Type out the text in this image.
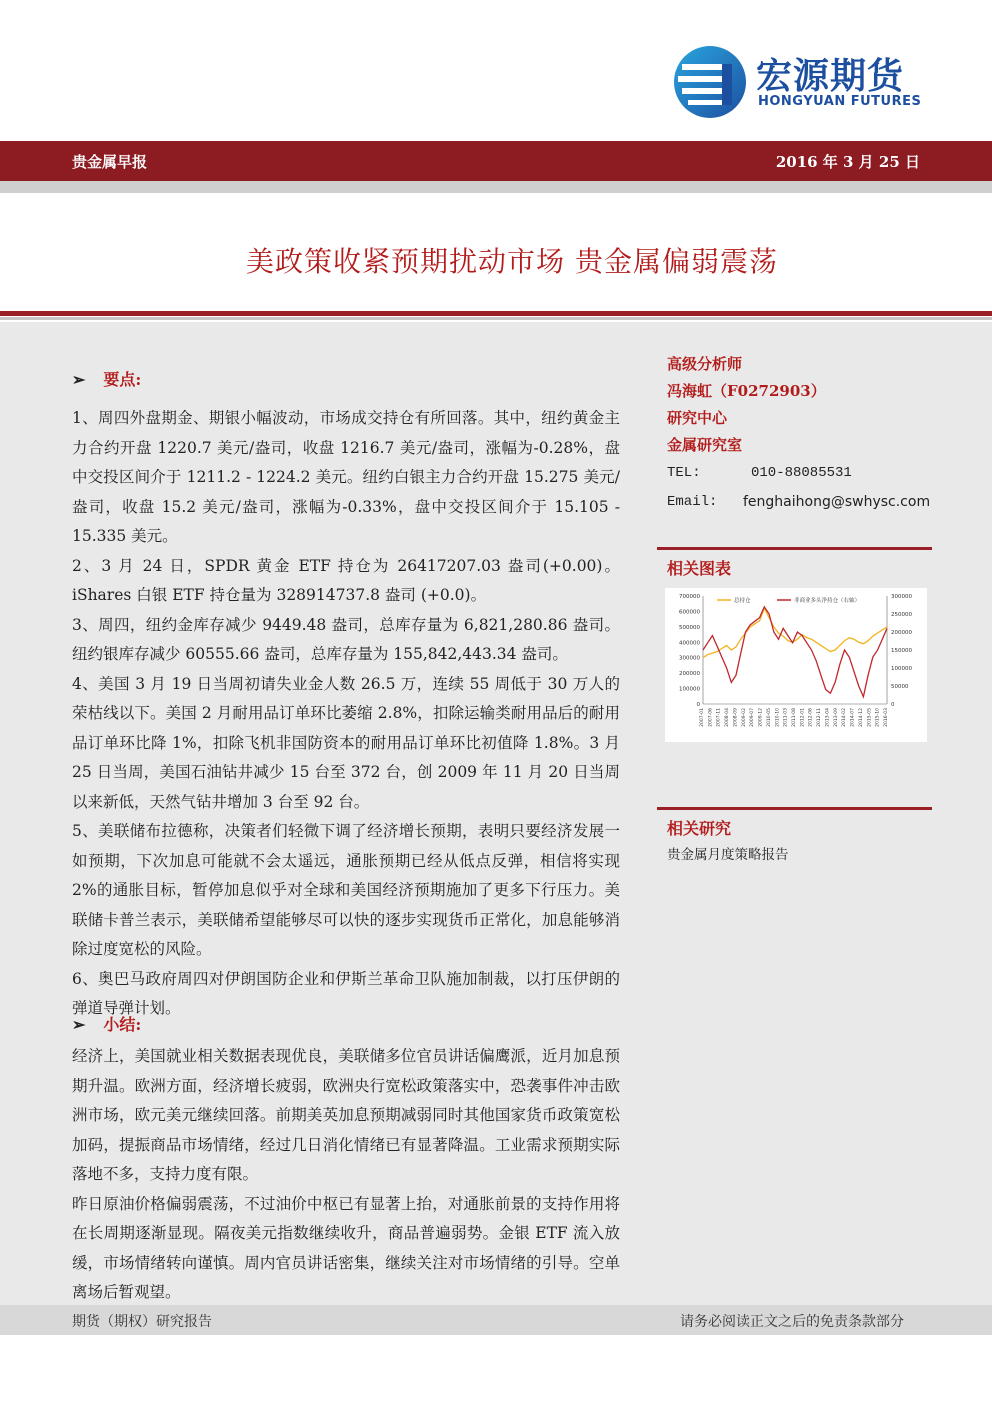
宏源期货
HONGYUAN FUTURES
贵金属早报	2016 年 3 月 25 日
美政策收紧预期扰动市场 贵金属偏弱震荡
➢ 要点:

1、周四外盘期金、期银小幅波动，市场成交持仓有所回落。其中，纽约黄金主力合约开盘 1220.7 美元/盎司，收盘 1216.7 美元/盎司，涨幅为-0.28%，盘中交投区间介于 1211.2 - 1224.2 美元。纽约白银主力合约开盘 15.275 美元/盎司，收盘 15.2 美元/盎司，涨幅为-0.33%，盘中交投区间介于 15.105 - 15.335 美元。

2、3 月 24 日，SPDR 黄金 ETF 持仓为 26417207.03 盎司(+0.00)。iShares 白银 ETF 持仓量为 328914737.8 盎司 (+0.0)。

3、周四，纽约金库存减少 9449.48 盎司，总库存量为 6,821,280.86 盎司。纽约银库存减少 60555.66 盎司，总库存量为 155,842,443.34 盎司。

4、美国 3 月 19 日当周初请失业金人数 26.5 万，连续 55 周低于 30 万人的荣枯线以下。美国 2 月耐用品订单环比萎缩 2.8%，扣除运输类耐用品后的耐用品订单环比降 1%，扣除飞机非国防资本的耐用品订单环比初值降 1.8%。3 月 25 日当周，美国石油钻井减少 15 台至 372 台，创 2009 年 11 月 20 日当周以来新低，天然气钻井增加 3 台至 92 台。

5、美联储布拉德称，决策者们轻微下调了经济增长预期，表明只要经济发展一如预期，下次加息可能就不会太遥远，通胀预期已经从低点反弹，相信将实现 2%的通胀目标，暂停加息似乎对全球和美国经济预期施加了更多下行压力。美联储卡普兰表示，美联储希望能够尽可以快的逐步实现货币正常化，加息能够消除过度宽松的风险。

6、奥巴马政府周四对伊朗国防企业和伊斯兰革命卫队施加制裁，以打压伊朗的弹道导弹计划。

➢ 小结:

经济上，美国就业相关数据表现优良，美联储多位官员讲话偏鹰派，近月加息预期升温。欧洲方面，经济增长疲弱，欧洲央行宽松政策落实中，恐袭事件冲击欧洲市场，欧元美元继续回落。前期美英加息预期减弱同时其他国家货币政策宽松加码，提振商品市场情绪，经过几日消化情绪已有显著降温。工业需求预期实际落地不多，支持力度有限。

昨日原油价格偏弱震荡，不过油价中枢已有显著上抬，对通胀前景的支持作用将在长周期逐渐显现。隔夜美元指数继续收升，商品普遍弱势。金银 ETF 流入放缓，市场情绪转向谨慎。周内官员讲话密集，继续关注对市场情绪的引导。空单离场后暂观望。

高级分析师
冯海虹（F0272903）
研究中心
金属研究室
TEL:	010-88085531
Email: fenghaihong@swhysc.com
相关图表
700000
600000
500000
400000
300000
200000
100000
0
300000
250000
200000
150000
100000
50000
0
2007-01 2007-06 2007-11 2008-04 2008-09 2009-02 2009-07 2009-12 2010-05 2010-10 2011-03 2011-08 2012-01 2012-06 2012-11 2013-04 2013-09 2014-02 2014-07 2014-12 2015-05 2015-10 2016-03
总持仓	非商业多头净持仓（右轴）
相关研究
贵金属月度策略报告
期货（期权）研究报告	请务必阅读正文之后的免责条款部分
